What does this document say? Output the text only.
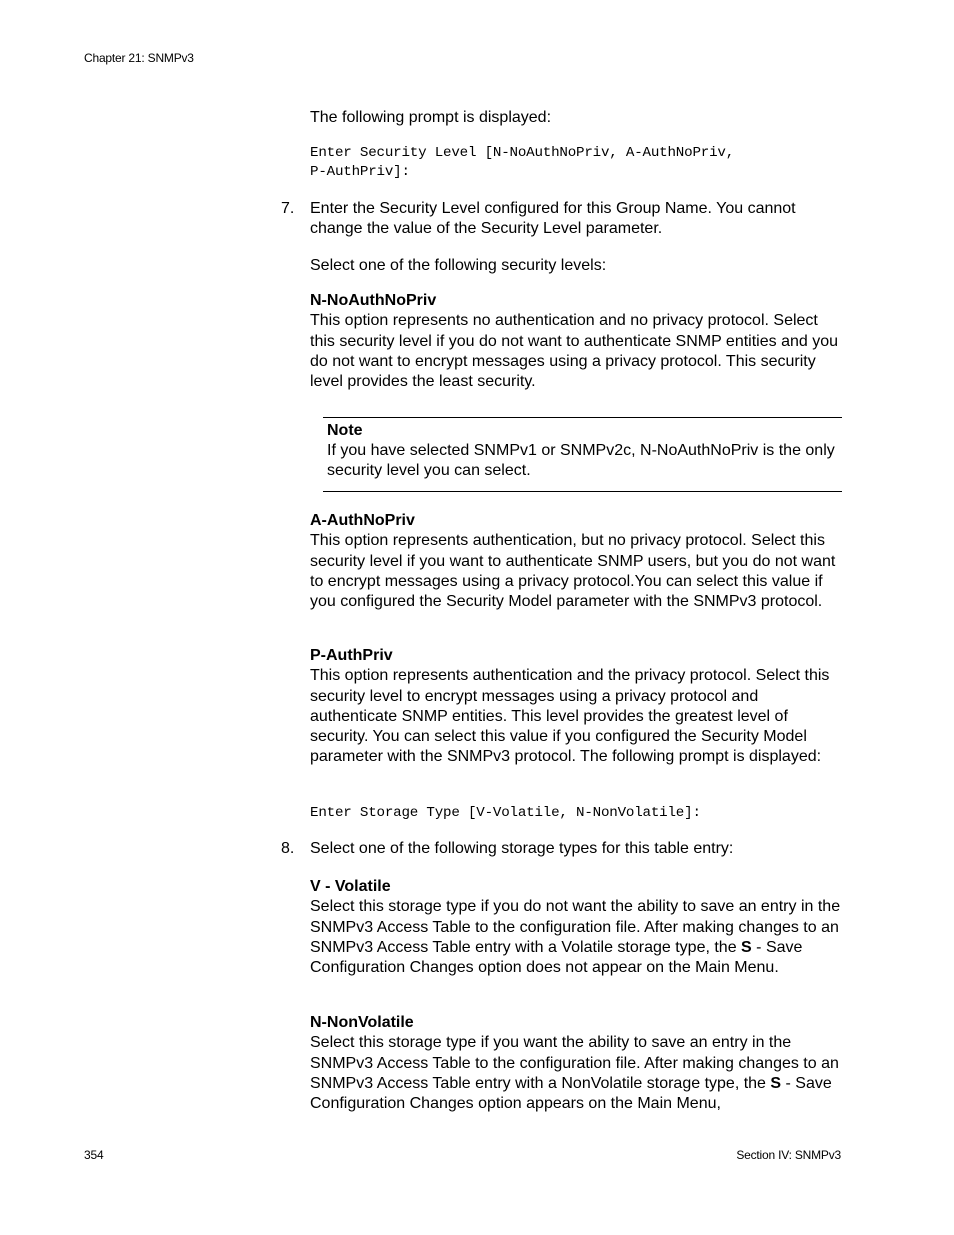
Chapter 21: SNMPv3
The following prompt is displayed:
Enter Security Level [N-NoAuthNoPriv, A-AuthNoPriv,
P-AuthPriv]:
7. Enter the Security Level configured for this Group Name. You cannot change the value of the Security Level parameter.
Select one of the following security levels:
N-NoAuthNoPriv
This option represents no authentication and no privacy protocol. Select this security level if you do not want to authenticate SNMP entities and you do not want to encrypt messages using a privacy protocol. This security level provides the least security.
Note
If you have selected SNMPv1 or SNMPv2c, N-NoAuthNoPriv is the only security level you can select.
A-AuthNoPriv
This option represents authentication, but no privacy protocol. Select this security level if you want to authenticate SNMP users, but you do not want to encrypt messages using a privacy protocol.You can select this value if you configured the Security Model parameter with the SNMPv3 protocol.
P-AuthPriv
This option represents authentication and the privacy protocol. Select this security level to encrypt messages using a privacy protocol and authenticate SNMP entities. This level provides the greatest level of security. You can select this value if you configured the Security Model parameter with the SNMPv3 protocol. The following prompt is displayed:
Enter Storage Type [V-Volatile, N-NonVolatile]:
8. Select one of the following storage types for this table entry:
V - Volatile
Select this storage type if you do not want the ability to save an entry in the SNMPv3 Access Table to the configuration file. After making changes to an SNMPv3 Access Table entry with a Volatile storage type, the S - Save Configuration Changes option does not appear on the Main Menu.
N-NonVolatile
Select this storage type if you want the ability to save an entry in the SNMPv3 Access Table to the configuration file. After making changes to an SNMPv3 Access Table entry with a NonVolatile storage type, the S - Save Configuration Changes option appears on the Main Menu,
354	Section IV: SNMPv3
